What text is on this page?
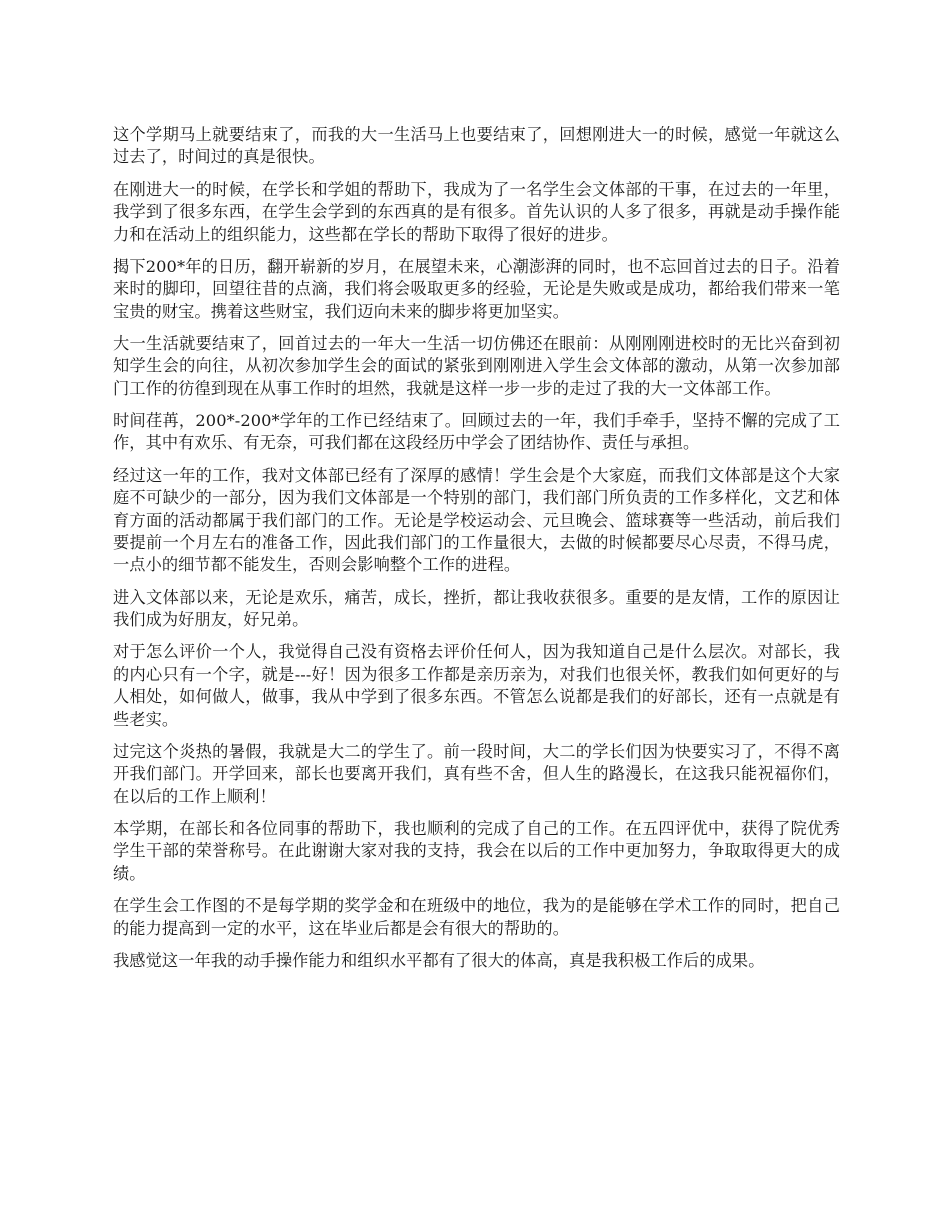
这个学期马上就要结束了，而我的大一生活马上也要结束了，回想刚进大一的时候，感觉一年就这么过去了，时间过的真是很快。

在刚进大一的时候，在学长和学姐的帮助下，我成为了一名学生会文体部的干事，在过去的一年里，我学到了很多东西，在学生会学到的东西真的是有很多。首先认识的人多了很多，再就是动手操作能力和在活动上的组织能力，这些都在学长的帮助下取得了很好的进步。

揭下200*年的日历，翻开崭新的岁月，在展望未来，心潮澎湃的同时，也不忘回首过去的日子。沿着来时的脚印，回望往昔的点滴，我们将会吸取更多的经验，无论是失败或是成功，都给我们带来一笔宝贵的财宝。携着这些财宝，我们迈向未来的脚步将更加坚实。

大一生活就要结束了，回首过去的一年大一生活一切仿佛还在眼前：从刚刚刚进校时的无比兴奋到初知学生会的向往，从初次参加学生会的面试的紧张到刚刚进入学生会文体部的激动，从第一次参加部门工作的彷徨到现在从事工作时的坦然，我就是这样一步一步的走过了我的大一文体部工作。

时间荏苒，200*-200*学年的工作已经结束了。回顾过去的一年，我们手牵手，坚持不懈的完成了工作，其中有欢乐、有无奈，可我们都在这段经历中学会了团结协作、责任与承担。

经过这一年的工作，我对文体部已经有了深厚的感情！学生会是个大家庭，而我们文体部是这个大家庭不可缺少的一部分，因为我们文体部是一个特别的部门，我们部门所负责的工作多样化，文艺和体育方面的活动都属于我们部门的工作。无论是学校运动会、元旦晚会、篮球赛等一些活动，前后我们要提前一个月左右的准备工作，因此我们部门的工作量很大，去做的时候都要尽心尽责，不得马虎，一点小的细节都不能发生，否则会影响整个工作的进程。

进入文体部以来，无论是欢乐，痛苦，成长，挫折，都让我收获很多。重要的是友情，工作的原因让我们成为好朋友，好兄弟。

对于怎么评价一个人，我觉得自己没有资格去评价任何人，因为我知道自己是什么层次。对部长，我的内心只有一个字，就是---好！因为很多工作都是亲历亲为，对我们也很关怀，教我们如何更好的与人相处，如何做人，做事，我从中学到了很多东西。不管怎么说都是我们的好部长，还有一点就是有些老实。

过完这个炎热的暑假，我就是大二的学生了。前一段时间，大二的学长们因为快要实习了，不得不离开我们部门。开学回来，部长也要离开我们，真有些不舍，但人生的路漫长，在这我只能祝福你们，在以后的工作上顺利！

本学期，在部长和各位同事的帮助下，我也顺利的完成了自己的工作。在五四评优中，获得了院优秀学生干部的荣誉称号。在此谢谢大家对我的支持，我会在以后的工作中更加努力，争取取得更大的成绩。

在学生会工作图的不是每学期的奖学金和在班级中的地位，我为的是能够在学术工作的同时，把自己的能力提高到一定的水平，这在毕业后都是会有很大的帮助的。

我感觉这一年我的动手操作能力和组织水平都有了很大的体高，真是我积极工作后的成果。
